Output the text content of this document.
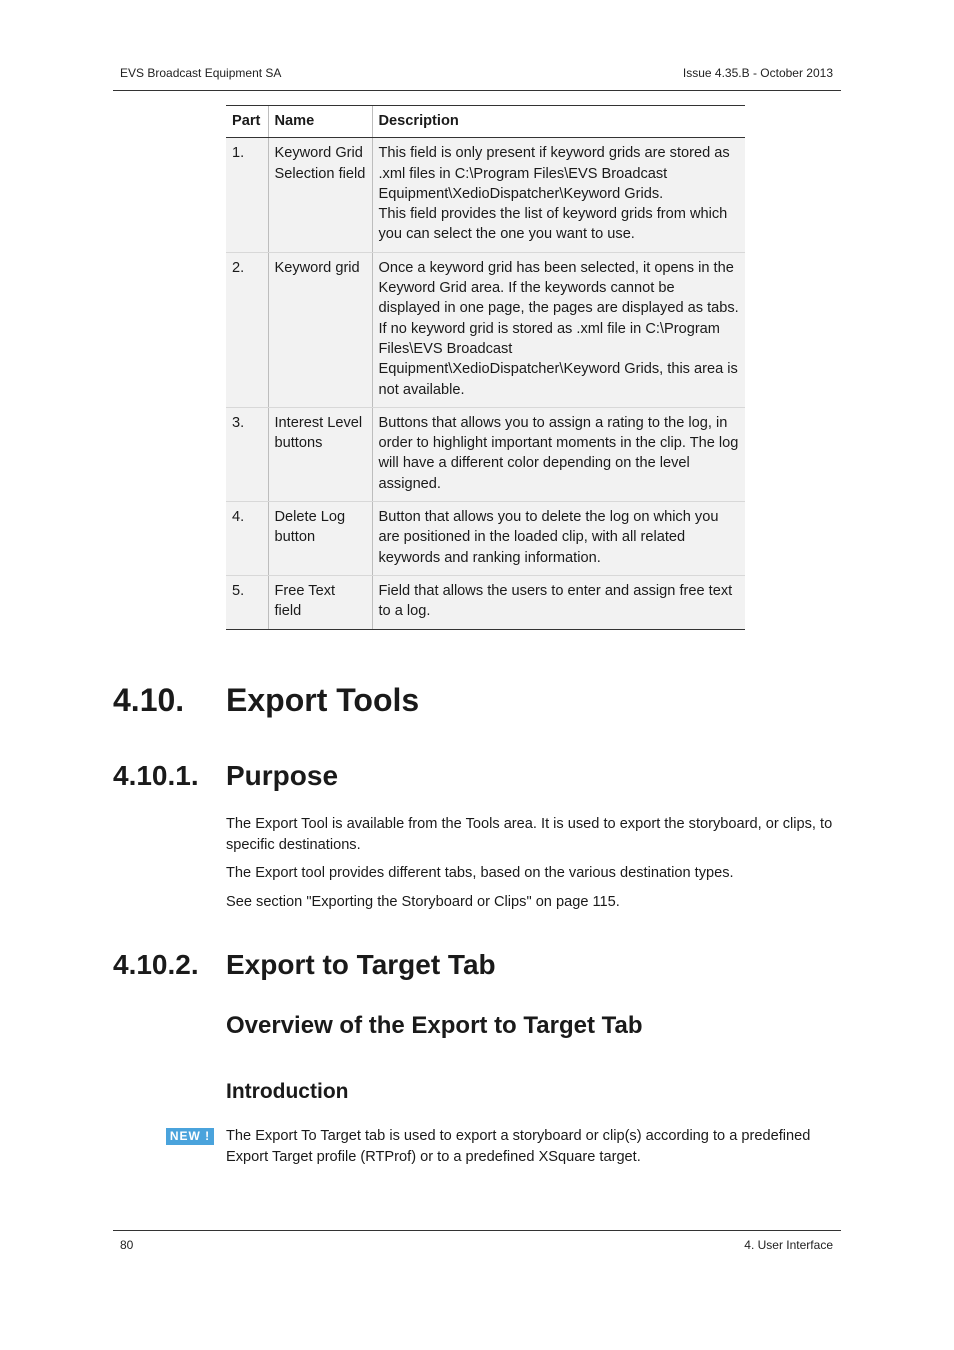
EVS Broadcast Equipment SA	Issue 4.35.B - October 2013
Part	Name	Description
1.	Keyword Grid Selection field	This field is only present if keyword grids are stored as .xml files in C:\Program Files\EVS Broadcast Equipment\XedioDispatcher\Keyword Grids.
This field provides the list of keyword grids from which you can select the one you want to use.

2.	Keyword grid	Once a keyword grid has been selected, it opens in the Keyword Grid area. If the keywords cannot be displayed in one page, the pages are displayed as tabs.
If no keyword grid is stored as .xml file in C:\Program Files\EVS Broadcast Equipment\XedioDispatcher\Keyword Grids, this area is not available.

3.	Interest Level buttons	Buttons that allows you to assign a rating to the log, in order to highlight important moments in the clip. The log will have a different color depending on the level assigned.

4.	Delete Log button	Button that allows you to delete the log on which you are positioned in the loaded clip, with all related keywords and ranking information.

5.	Free Text field	Field that allows the users to enter and assign free text to a log.
4.10. Export Tools
4.10.1. Purpose
The Export Tool is available from the Tools area. It is used to export the storyboard, or clips, to specific destinations.
The Export tool provides different tabs, based on the various destination types.
See section "Exporting the Storyboard or Clips" on page 115.
4.10.2. Export to Target Tab
Overview of the Export to Target Tab
Introduction
NEW ! The Export To Target tab is used to export a storyboard or clip(s) according to a predefined Export Target profile (RTProf) or to a predefined XSquare target.
80	4. User Interface
